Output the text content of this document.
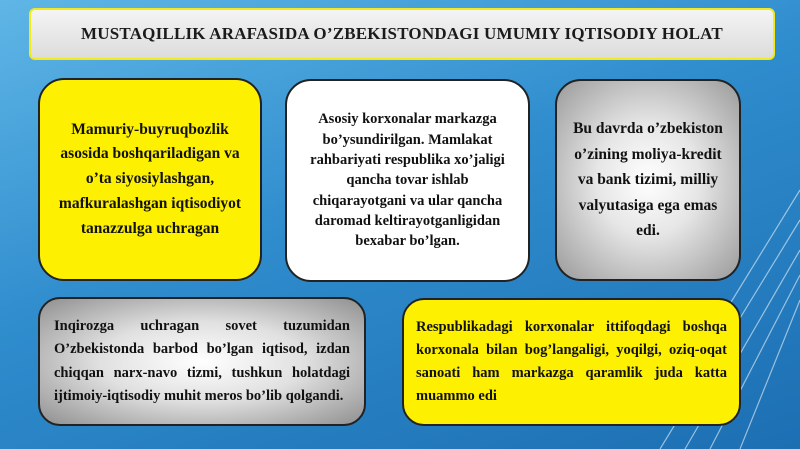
MUSTAQILLIK ARAFASIDA O’ZBEKISTONDAGI UMUMIY IQTISODIY HOLAT
Mamuriy-buyruqbozlik asosida boshqariladigan va o’ta siyosiylashgan, mafkuralashgan iqtisodiyot tanazzulga uchragan
Asosiy korxonalar markazga bo’ysundirilgan. Mamlakat rahbariyati respublika xo’jaligi qancha tovar ishlab chiqarayotgani va ular qancha daromad keltirayotganligidan bexabar bo’lgan.
Bu davrda o’zbekiston o’zining moliya-kredit va bank tizimi, milliy valyutasiga ega emas edi.
Inqirozga uchragan sovet tuzumidan O’zbekistonda barbod bo’lgan iqtisod, izdan chiqqan narx-navo tizmi, tushkun holatdagi ijtimoiy-iqtisodiy muhit meros bo’lib qolgandi.
Respublikadagi korxonalar ittifoqdagi boshqa korxonala bilan bog’langaligi, yoqilgi, oziq-oqat sanoati ham markazga qaramlik juda katta muammo edi
